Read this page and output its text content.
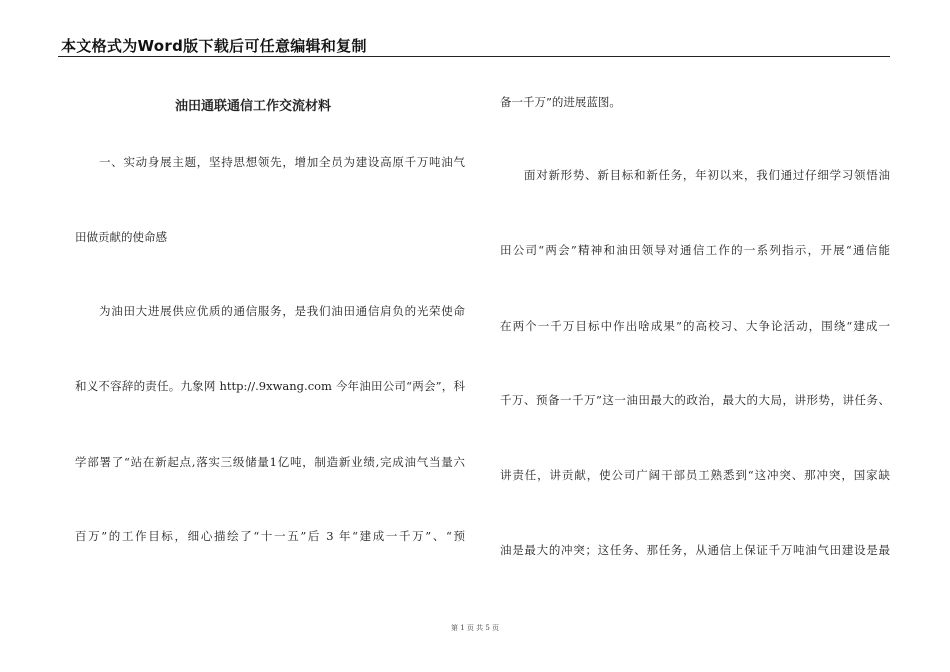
本文格式为Word版下载后可任意编辑和复制
油田通联通信工作交流材料
一、实动身展主题，坚持思想领先，增加全员为建设高原千万吨油气
田做贡献的使命感
为油田大进展供应优质的通信服务，是我们油田通信肩负的光荣使命
和义不容辞的责任。九象网 http://.9xwang.com 今年油田公司“两会”，科
学部署了“站在新起点,落实三级储量1亿吨，制造新业绩,完成油气当量六
百万”的工作目标，细心描绘了“十一五”后 3 年“建成一千万”、“预
备一千万”的进展蓝图。
面对新形势、新目标和新任务，年初以来，我们通过仔细学习领悟油
田公司“两会”精神和油田领导对通信工作的一系列指示，开展“通信能
在两个一千万目标中作出啥成果”的高校习、大争论活动，围绕“建成一
千万、预备一千万”这一油田最大的政治，最大的大局，讲形势，讲任务、
讲责任，讲贡献，使公司广阔干部员工熟悉到“这冲突、那冲突，国家缺
油是最大的冲突；这任务、那任务，从通信上保证千万吨油气田建设是最
第 1 页 共 5 页
